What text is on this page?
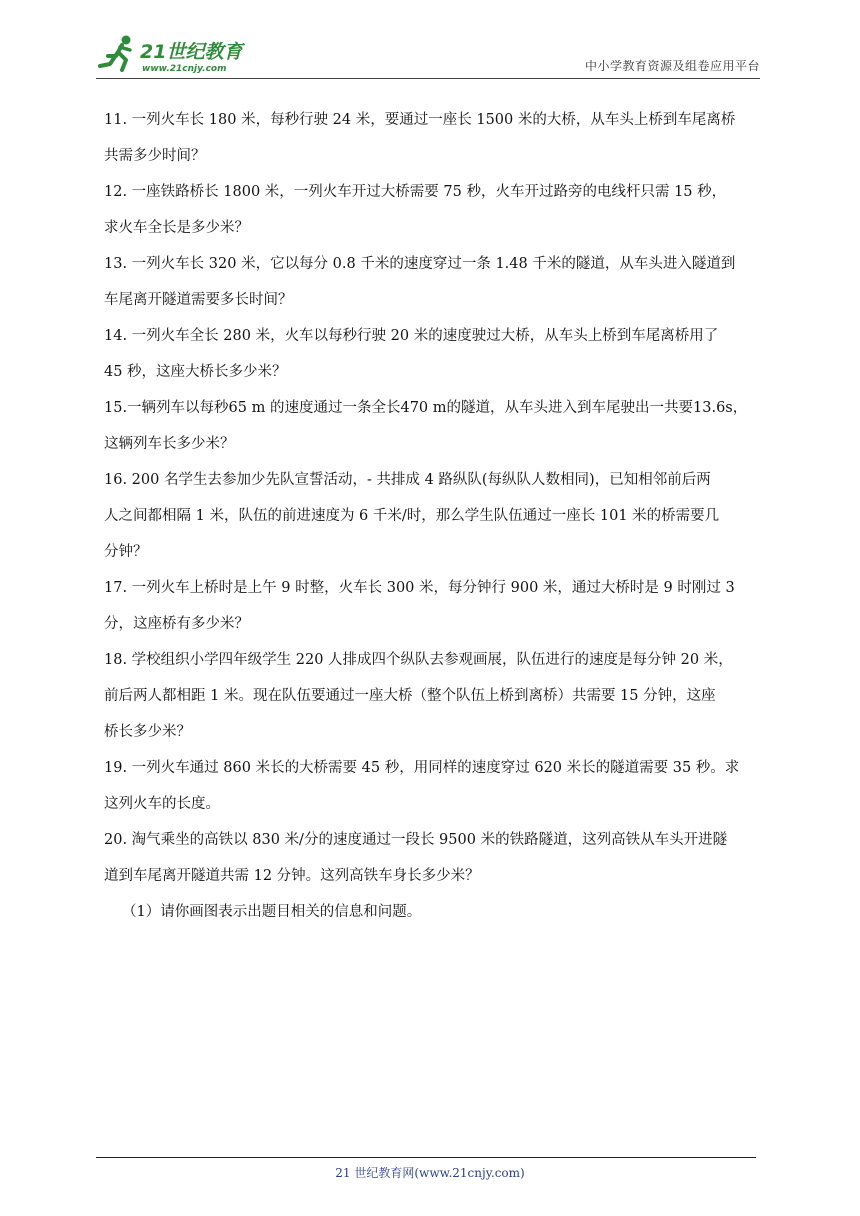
21世纪教育
www.21cnjy.com	中小学教育资源及组卷应用平台
11. 一列火车长 180 米，每秒行驶 24 米，要通过一座长 1500 米的大桥，从车头上桥到车尾离桥
共需多少时间？
12. 一座铁路桥长 1800 米，一列火车开过大桥需要 75 秒，火车开过路旁的电线杆只需 15 秒，
求火车全长是多少米？
13. 一列火车长 320 米，它以每分 0.8 千米的速度穿过一条 1.48 千米的隧道，从车头进入隧道到
车尾离开隧道需要多长时间？
14. 一列火车全长 280 米，火车以每秒行驶 20 米的速度驶过大桥，从车头上桥到车尾离桥用了
45 秒，这座大桥长多少米？
15.一辆列车以每秒65 m 的速度通过一条全长470 m的隧道，从车头进入到车尾驶出一共要13.6s，
这辆列车长多少米？
16. 200 名学生去参加少先队宣誓活动，- 共排成 4 路纵队(每纵队人数相同)，已知相邻前后两
人之间都相隔 1 米，队伍的前进速度为 6 千米/时，那么学生队伍通过一座长 101 米的桥需要几
分钟？
17. 一列火车上桥时是上午 9 时整，火车长 300 米，每分钟行 900 米，通过大桥时是 9 时刚过 3
分，这座桥有多少米？
18. 学校组织小学四年级学生 220 人排成四个纵队去参观画展，队伍进行的速度是每分钟 20 米，
前后两人都相距 1 米。现在队伍要通过一座大桥（整个队伍上桥到离桥）共需要 15 分钟，这座
桥长多少米？
19. 一列火车通过 860 米长的大桥需要 45 秒，用同样的速度穿过 620 米长的隧道需要 35 秒。求
这列火车的长度。
20. 淘气乘坐的高铁以 830 米/分的速度通过一段长 9500 米的铁路隧道，这列高铁从车头开进隧
道到车尾离开隧道共需 12 分钟。这列高铁车身长多少米？
（1）请你画图表示出题目相关的信息和问题。
21 世纪教育网(www.21cnjy.com)
